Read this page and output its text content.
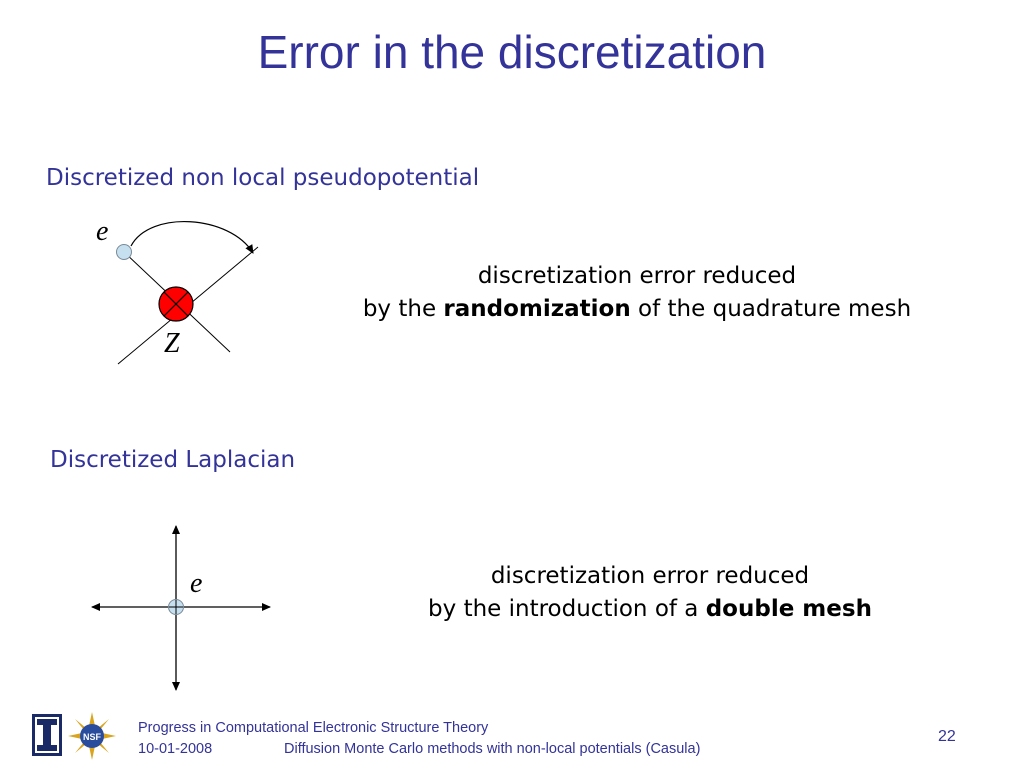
Error in the discretization
Discretized non local pseudopotential
e
Z
discretization error reduced
by the randomization of the quadrature mesh
Discretized Laplacian
e	discretization error reduced
by the introduction of a double mesh
NSF
Progress in Computational Electronic Structure Theory
10-01-2008	Diffusion Monte Carlo methods with non-local potentials (Casula)
22
